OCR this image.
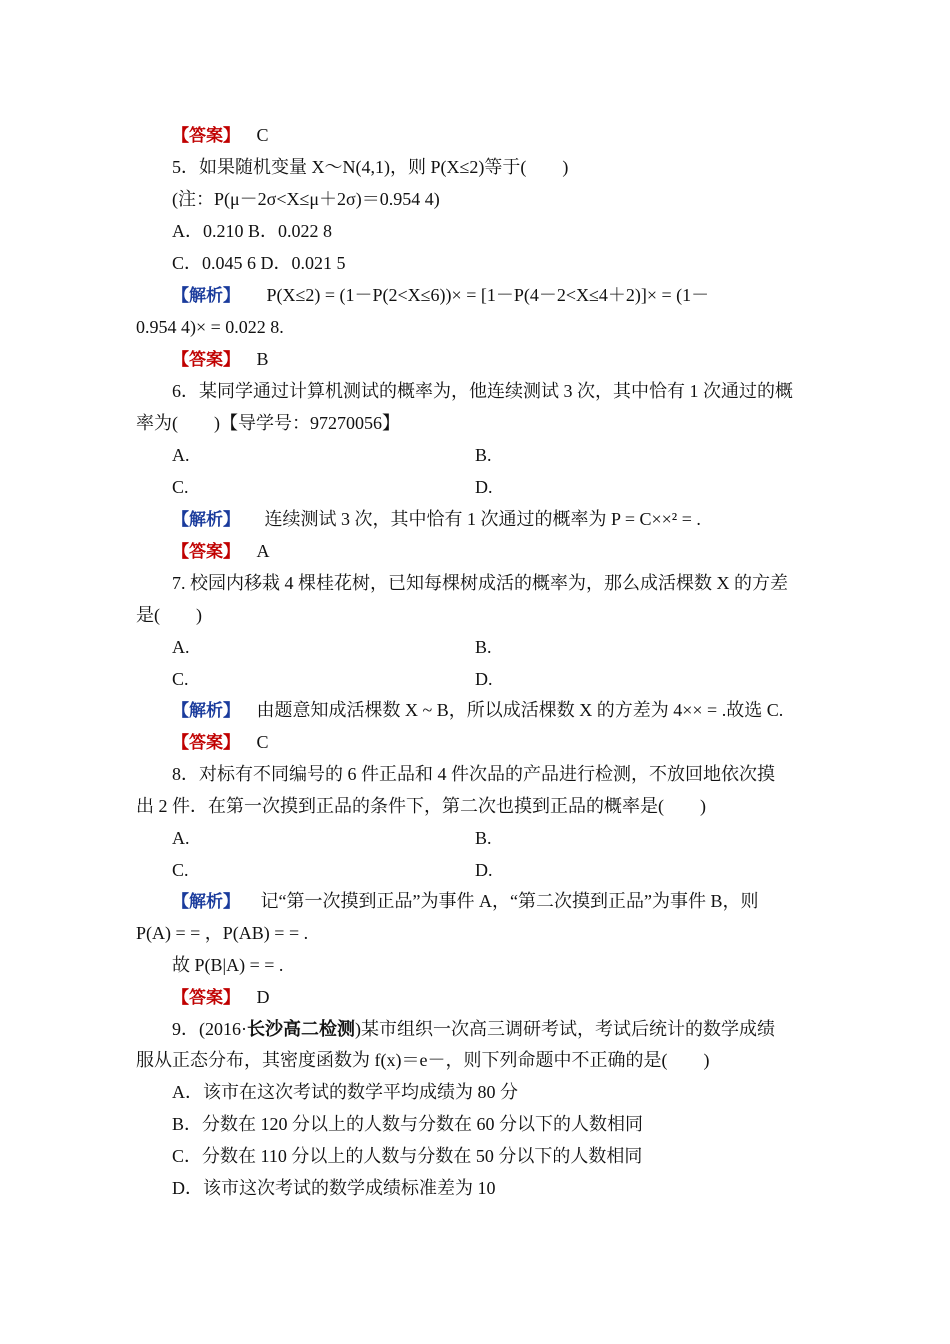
【答案】 C
5．如果随机变量 X～N(4,1)，则 P(X≤2)等于(　　)
(注：P(μ－2σ<X≤μ＋2σ)＝0.954 4)
A．0.210 B．0.022 8
C．0.045 6 D．0.021 5
【解析】 P(X≤2) = (1－P(2<X≤6))× = [1－P(4－2<X≤4＋2)]× = (1－
0.954 4)× = 0.022 8.
【答案】 B
6．某同学通过计算机测试的概率为，他连续测试 3 次，其中恰有 1 次通过的概
率为(　　)【导学号：97270056】
A.	B.
C.	D.
【解析】 连续测试 3 次，其中恰有 1 次通过的概率为 P = C××² = .
【答案】 A
7. 校园内移栽 4 棵桂花树，已知每棵树成活的概率为，那么成活棵数 X 的方差
是(　　)
A.	B.
C.	D.
【解析】 由题意知成活棵数 X ~ B，所以成活棵数 X 的方差为 4×× = .故选 C.
【答案】 C
8．对标有不同编号的 6 件正品和 4 件次品的产品进行检测，不放回地依次摸
出 2 件．在第一次摸到正品的条件下，第二次也摸到正品的概率是(　　)
A.	B.
C.	D.
【解析】 记“第一次摸到正品”为事件 A，“第二次摸到正品”为事件 B，则
P(A) = = ，P(AB) = = .
故 P(B|A) = = .
【答案】 D
9．(2016·长沙高二检测)某市组织一次高三调研考试，考试后统计的数学成绩
服从正态分布，其密度函数为 f(x)＝e－，则下列命题中不正确的是(　　)
A．该市在这次考试的数学平均成绩为 80 分
B．分数在 120 分以上的人数与分数在 60 分以下的人数相同
C．分数在 110 分以上的人数与分数在 50 分以下的人数相同
D．该市这次考试的数学成绩标准差为 10
